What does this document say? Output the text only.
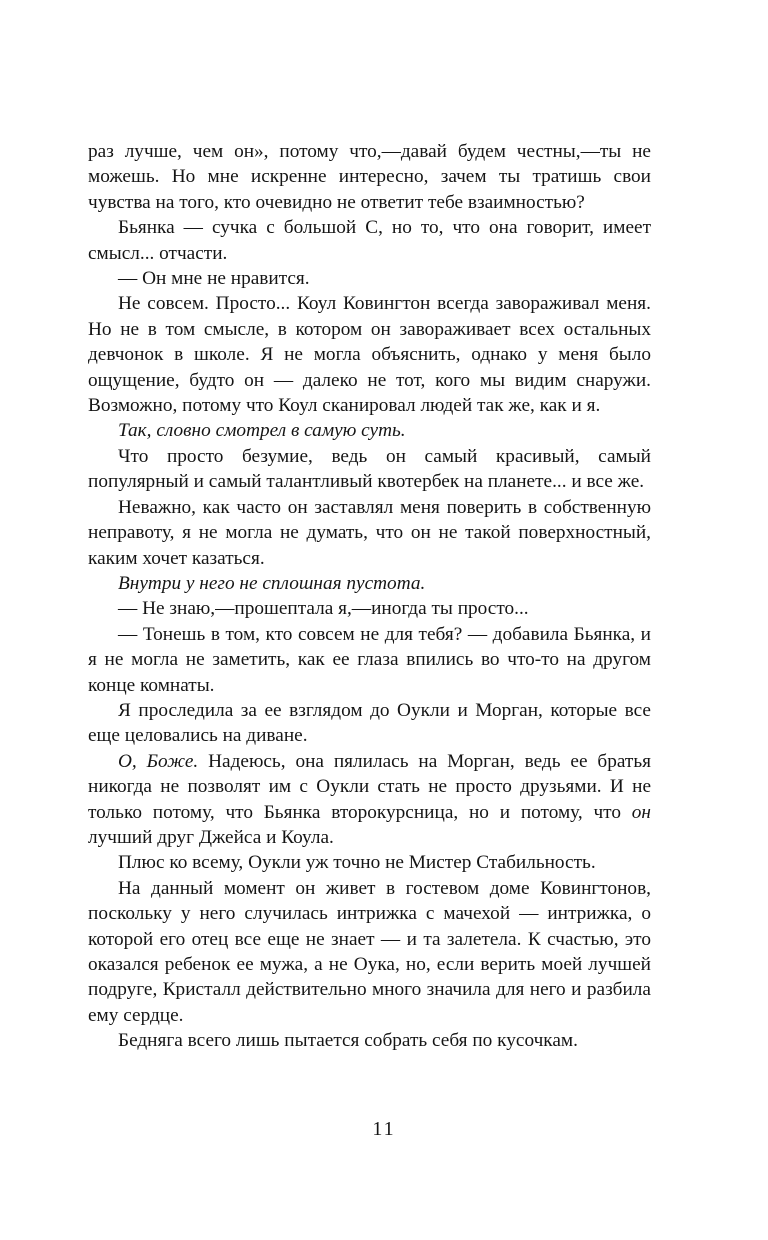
раз лучше, чем он», потому что,—давай будем честны,—ты не можешь. Но мне искренне интересно, зачем ты тратишь свои чувства на того, кто очевидно не ответит тебе взаимностью?

Бьянка — сучка с большой С, но то, что она говорит, имеет смысл... отчасти.

— Он мне не нравится.

Не совсем. Просто... Коул Ковингтон всегда завораживал меня. Но не в том смысле, в котором он завораживает всех остальных девчонок в школе. Я не могла объяснить, однако у меня было ощущение, будто он — далеко не тот, кого мы видим снаружи. Возможно, потому что Коул сканировал людей так же, как и я.

Так, словно смотрел в самую суть.

Что просто безумие, ведь он самый красивый, самый популярный и самый талантливый квотербек на планете... и все же.

Неважно, как часто он заставлял меня поверить в собственную неправоту, я не могла не думать, что он не такой поверхностный, каким хочет казаться.

Внутри у него не сплошная пустота.

— Не знаю,—прошептала я,—иногда ты просто...

— Тонешь в том, кто совсем не для тебя? — добавила Бьянка, и я не могла не заметить, как ее глаза впились во что-то на другом конце комнаты.

Я проследила за ее взглядом до Оукли и Морган, которые все еще целовались на диване.

О, Боже. Надеюсь, она пялилась на Морган, ведь ее братья никогда не позволят им с Оукли стать не просто друзьями. И не только потому, что Бьянка второкурсница, но и потому, что он лучший друг Джейса и Коула.

Плюс ко всему, Оукли уж точно не Мистер Стабильность.

На данный момент он живет в гостевом доме Ковингтонов, поскольку у него случилась интрижка с мачехой — интрижка, о которой его отец все еще не знает — и та залетела. К счастью, это оказался ребенок ее мужа, а не Оука, но, если верить моей лучшей подруге, Кристалл действительно много значила для него и разбила ему сердце.

Бедняга всего лишь пытается собрать себя по кусочкам.

11
